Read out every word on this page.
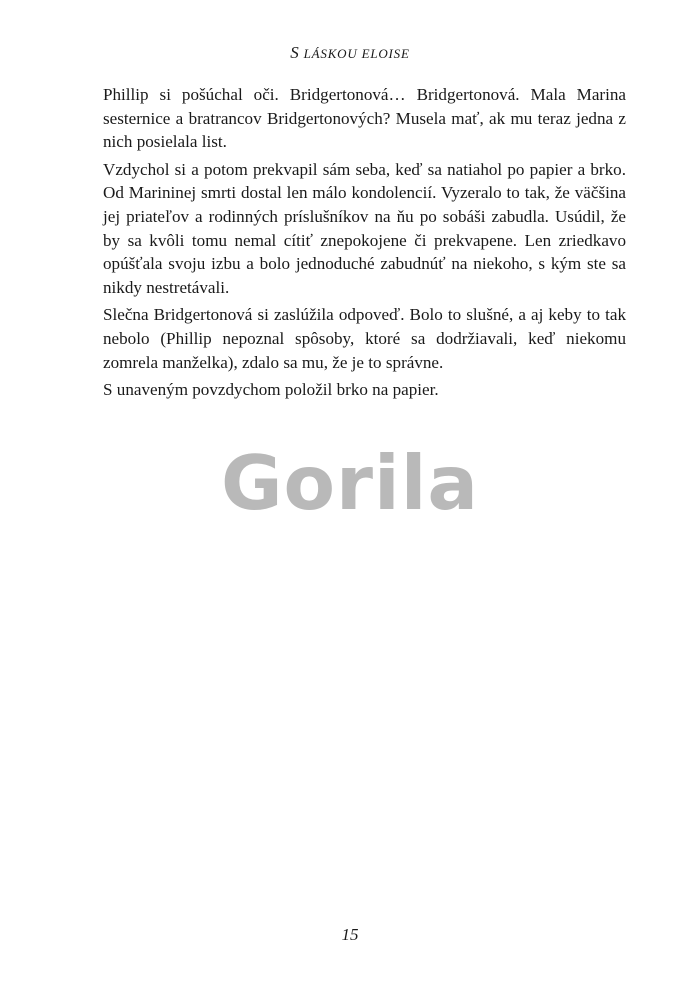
S LÁSKOU ELOISE

Phillip si pošúchal oči. Bridgertonová… Bridgertonová. Mala Marina sesternice a bratrancov Bridgertonových? Musela mať, ak mu teraz jedna z nich posielala list.

Vzdychol si a potom prekvapil sám seba, keď sa natiahol po papier a brko. Od Marininej smrti dostal len málo kondolencií. Vyzeralo to tak, že väčšina jej priateľov a rodinných príslušníkov na ňu po sobáši zabudla. Usúdil, že by sa kvôli tomu nemal cítiť znepokojene či prekvapene. Len zriedkavo opúšťala svoju izbu a bolo jednoduché zabudnúť na niekoho, s kým ste sa nikdy nestretávali.

Slečna Bridgertonová si zaslúžila odpoveď. Bolo to slušné, a aj keby to tak nebolo (Phillip nepoznal spôsoby, ktoré sa dodržiavali, keď niekomu zomrela manželka), zdalo sa mu, že je to správne.

S unaveným povzdychom položil brko na papier.

Gorila
15
